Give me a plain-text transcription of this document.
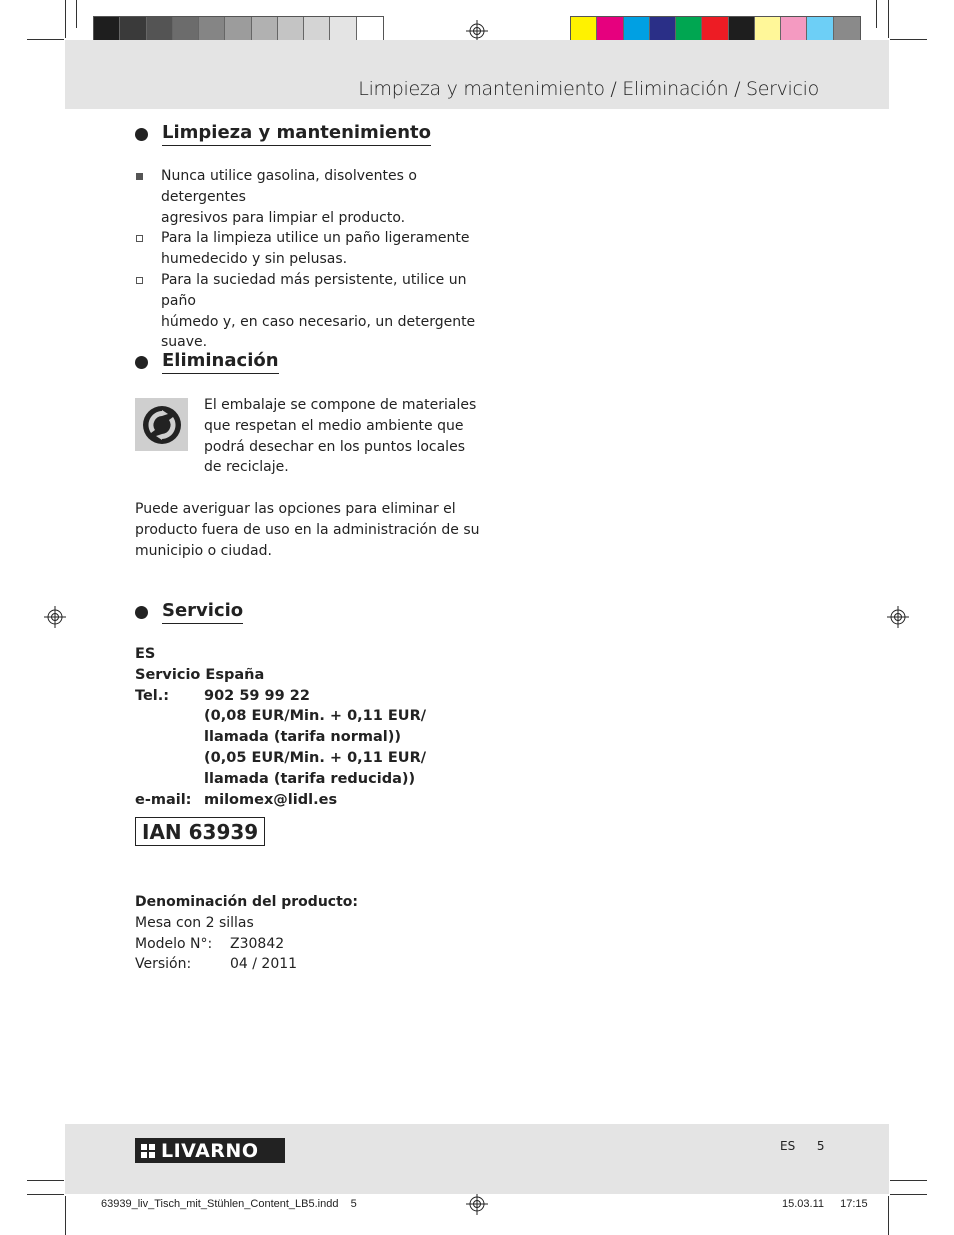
Limpieza y mantenimiento / Eliminación / Servicio
Limpieza y mantenimiento
Nunca utilice gasolina, disolventes o detergentes
agresivos para limpiar el producto.
Para la limpieza utilice un paño ligeramente
humedecido y sin pelusas.
Para la suciedad más persistente, utilice un paño
húmedo y, en caso necesario, un detergente
suave.
Eliminación
El embalaje se compone de materiales
que respetan el medio ambiente que
podrá desechar en los puntos locales
de reciclaje.
Puede averiguar las opciones para eliminar el
producto fuera de uso en la administración de su
municipio o ciudad.
Servicio
ES
Servicio España
Tel.:	902 59 99 22
(0,08 EUR/Min. + 0,11 EUR/
llamada (tarifa normal))
(0,05 EUR/Min. + 0,11 EUR/
llamada (tarifa reducida))
e-mail: milomex@lidl.es
IAN 63939
Denominación del producto:
Mesa con 2 sillas
Modelo N°:	Z30842
Versión:	04 / 2011
LIVARNO	ES 5
63939_liv_Tisch_mit_Stühlen_Content_LB5.indd 5	15.03.11 17:15
